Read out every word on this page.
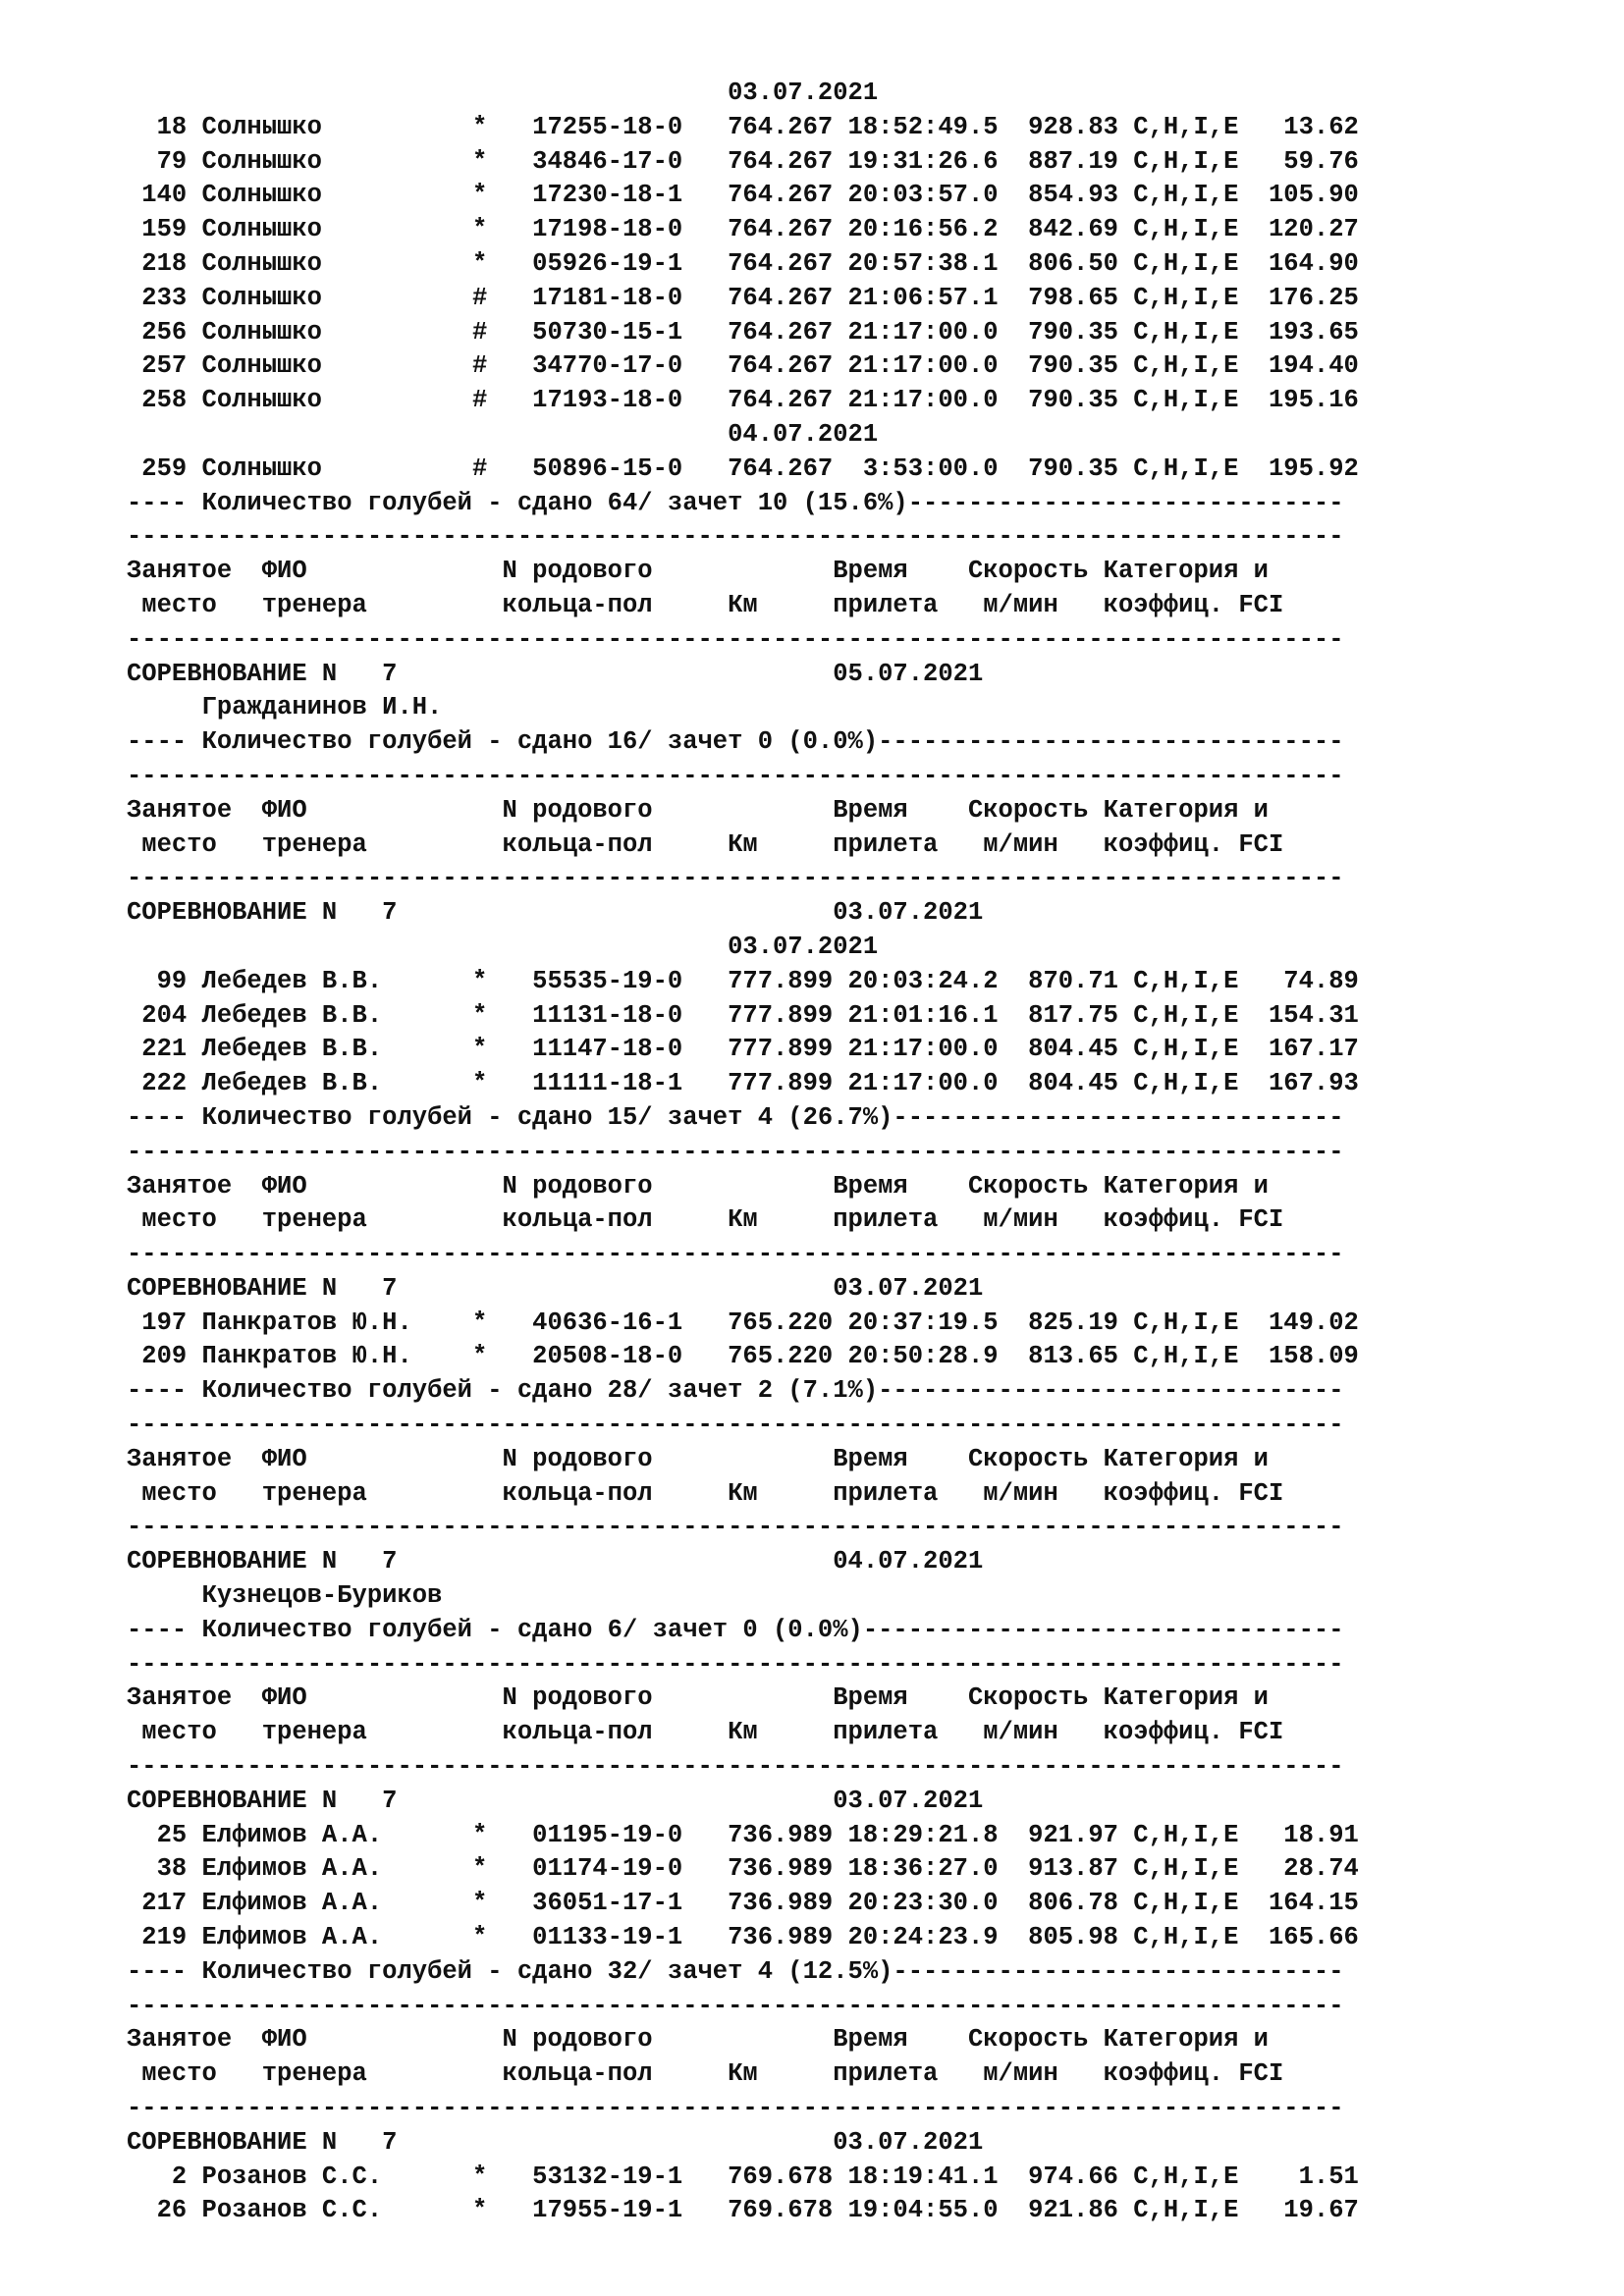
03.07.2021
18 Солнышко          *   17255-18-0   764.267 18:52:49.5  928.83 C,H,I,E   13.62
79 Солнышко          *   34846-17-0   764.267 19:31:26.6  887.19 C,H,I,E   59.76
140 Солнышко          *   17230-18-1   764.267 20:03:57.0  854.93 C,H,I,E  105.90
159 Солнышко          *   17198-18-0   764.267 20:16:56.2  842.69 C,H,I,E  120.27
218 Солнышко          *   05926-19-1   764.267 20:57:38.1  806.50 C,H,I,E  164.90
233 Солнышко          #   17181-18-0   764.267 21:06:57.1  798.65 C,H,I,E  176.25
256 Солнышко          #   50730-15-1   764.267 21:17:00.0  790.35 C,H,I,E  193.65
257 Солнышко          #   34770-17-0   764.267 21:17:00.0  790.35 C,H,I,E  194.40
258 Солнышко          #   17193-18-0   764.267 21:17:00.0  790.35 C,H,I,E  195.16
04.07.2021
259 Солнышко          #   50896-15-0   764.267  3:53:00.0  790.35 C,H,I,E  195.92
---- Количество голубей - сдано 64/ зачет 10 (15.6%)-----------------------------
---------------------------------------------------------------------------------
Занятое  ФИО             N родового            Время    Скорость Категория и
место   тренера         кольца-пол     Км     прилета   м/мин   коэффиц. FCI
---------------------------------------------------------------------------------
СОРЕВНОВАНИЕ N   7                             05.07.2021
Гражданинов И.Н.
---- Количество голубей - сдано 16/ зачет 0 (0.0%)-------------------------------
---------------------------------------------------------------------------------
Занятое  ФИО             N родового            Время    Скорость Категория и
место   тренера         кольца-пол     Км     прилета   м/мин   коэффиц. FCI
---------------------------------------------------------------------------------
СОРЕВНОВАНИЕ N   7                             03.07.2021
03.07.2021
99 Лебедев В.В.      *   55535-19-0   777.899 20:03:24.2  870.71 C,H,I,E   74.89
204 Лебедев В.В.      *   11131-18-0   777.899 21:01:16.1  817.75 C,H,I,E  154.31
221 Лебедев В.В.      *   11147-18-0   777.899 21:17:00.0  804.45 C,H,I,E  167.17
222 Лебедев В.В.      *   11111-18-1   777.899 21:17:00.0  804.45 C,H,I,E  167.93
---- Количество голубей - сдано 15/ зачет 4 (26.7%)------------------------------
---------------------------------------------------------------------------------
Занятое  ФИО             N родового            Время    Скорость Категория и
место   тренера         кольца-пол     Км     прилета   м/мин   коэффиц. FCI
---------------------------------------------------------------------------------
СОРЕВНОВАНИЕ N   7                             03.07.2021
197 Панкратов Ю.Н.    *   40636-16-1   765.220 20:37:19.5  825.19 C,H,I,E  149.02
209 Панкратов Ю.Н.    *   20508-18-0   765.220 20:50:28.9  813.65 C,H,I,E  158.09
---- Количество голубей - сдано 28/ зачет 2 (7.1%)-------------------------------
---------------------------------------------------------------------------------
Занятое  ФИО             N родового            Время    Скорость Категория и
место   тренера         кольца-пол     Км     прилета   м/мин   коэффиц. FCI
---------------------------------------------------------------------------------
СОРЕВНОВАНИЕ N   7                             04.07.2021
Кузнецов-Буриков
---- Количество голубей - сдано 6/ зачет 0 (0.0%)--------------------------------
---------------------------------------------------------------------------------
Занятое  ФИО             N родового            Время    Скорость Категория и
место   тренера         кольца-пол     Км     прилета   м/мин   коэффиц. FCI
---------------------------------------------------------------------------------
СОРЕВНОВАНИЕ N   7                             03.07.2021
25 Елфимов А.А.      *   01195-19-0   736.989 18:29:21.8  921.97 C,H,I,E   18.91
38 Елфимов А.А.      *   01174-19-0   736.989 18:36:27.0  913.87 C,H,I,E   28.74
217 Елфимов А.А.      *   36051-17-1   736.989 20:23:30.0  806.78 C,H,I,E  164.15
219 Елфимов А.А.      *   01133-19-1   736.989 20:24:23.9  805.98 C,H,I,E  165.66
---- Количество голубей - сдано 32/ зачет 4 (12.5%)------------------------------
---------------------------------------------------------------------------------
Занятое  ФИО             N родового            Время    Скорость Категория и
место   тренера         кольца-пол     Км     прилета   м/мин   коэффиц. FCI
---------------------------------------------------------------------------------
СОРЕВНОВАНИЕ N   7                             03.07.2021
2 Розанов С.С.      *   53132-19-1   769.678 18:19:41.1  974.66 C,H,I,E    1.51
26 Розанов С.С.      *   17955-19-1   769.678 19:04:55.0  921.86 C,H,I,E   19.67
